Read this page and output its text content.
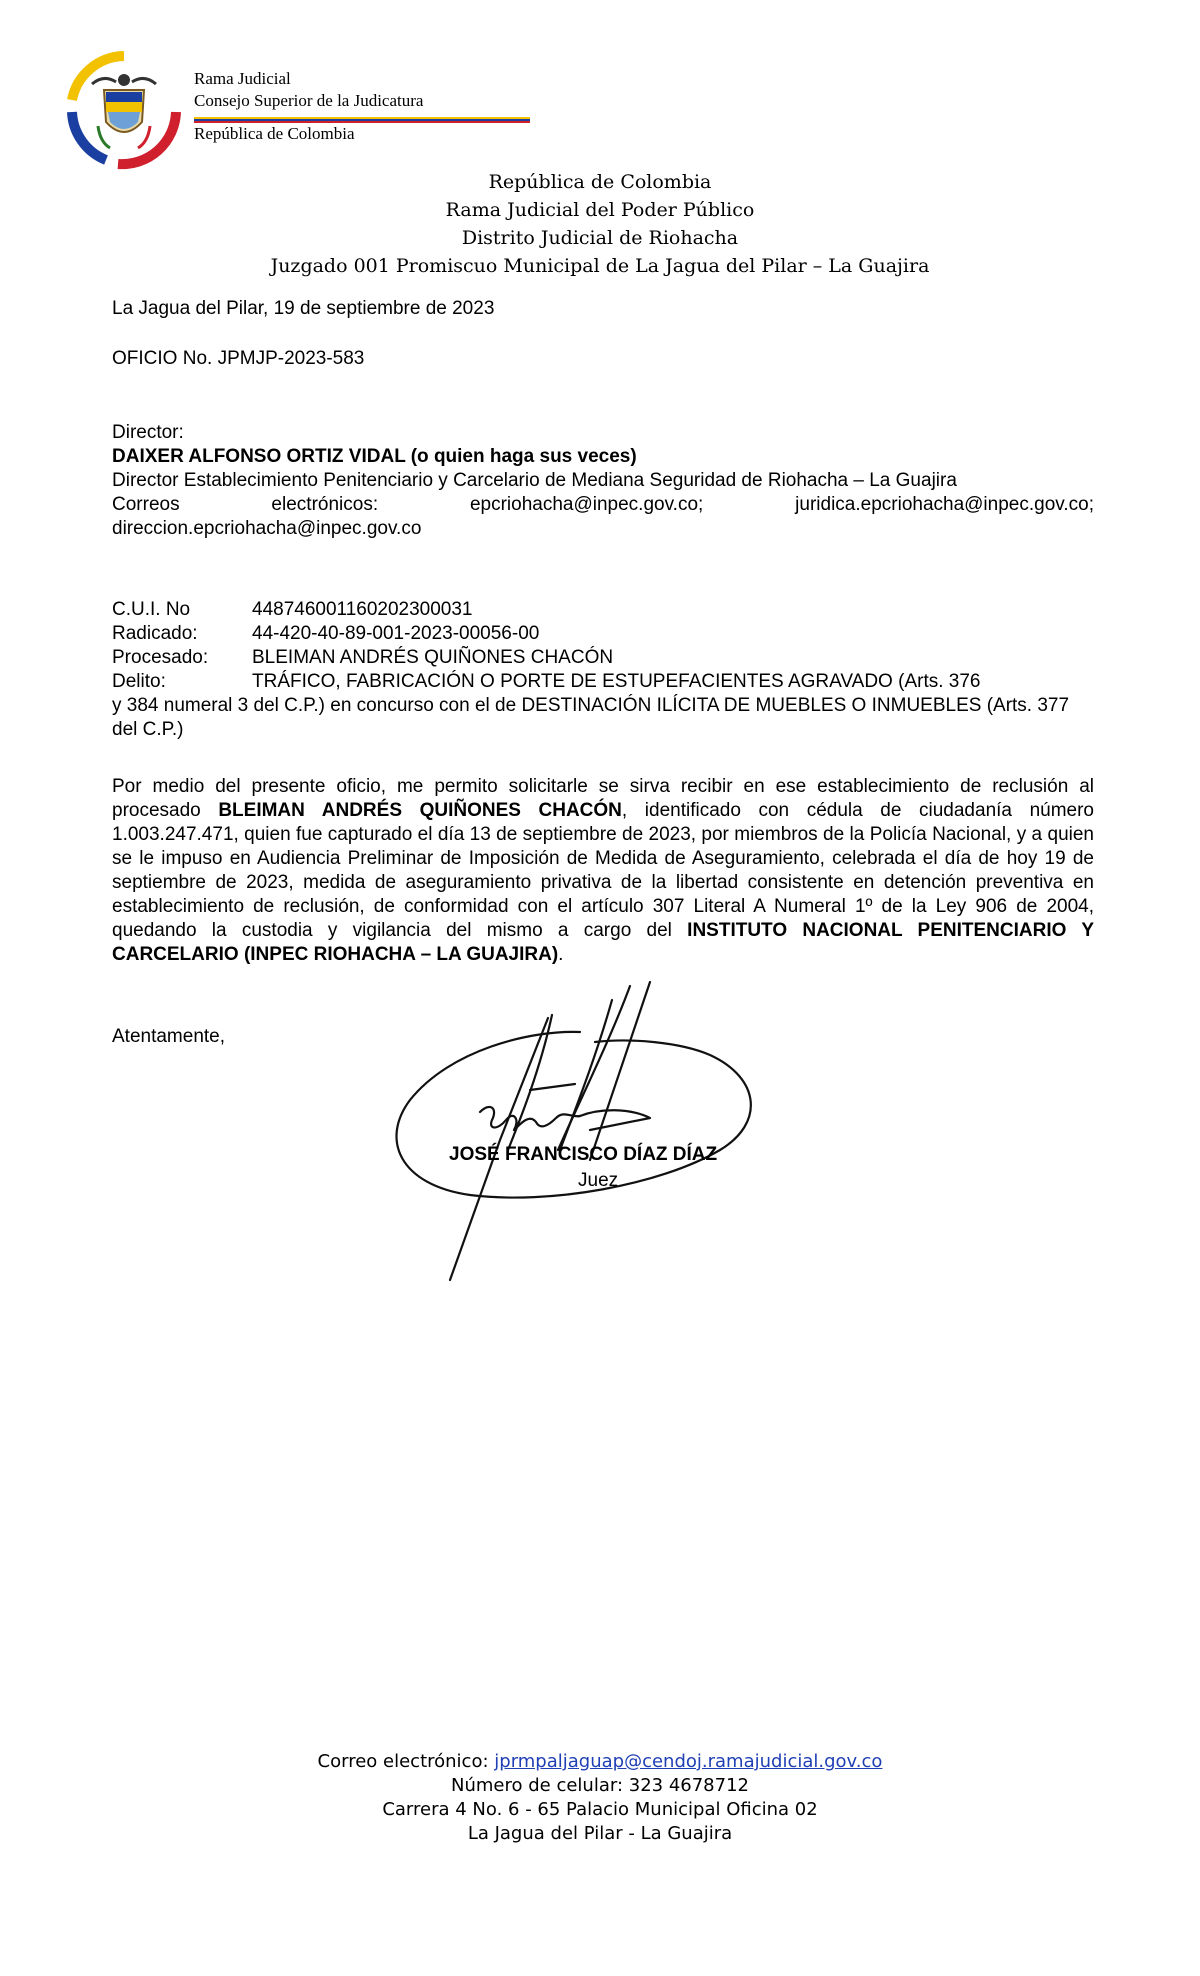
Rama Judicial
Consejo Superior de la Judicatura
República de Colombia
República de Colombia
Rama Judicial del Poder Público
Distrito Judicial de Riohacha
Juzgado 001 Promiscuo Municipal de La Jagua del Pilar – La Guajira
La Jagua del Pilar, 19 de septiembre de 2023
OFICIO No. JPMJP-2023-583
Director:
DAIXER ALFONSO ORTIZ VIDAL (o quien haga sus veces)
Director Establecimiento Penitenciario y Carcelario de Mediana Seguridad de Riohacha – La Guajira
Correos electrónicos: epcriohacha@inpec.gov.co; juridica.epcriohacha@inpec.gov.co; direccion.epcriohacha@inpec.gov.co
C.U.I. No	448746001160202300031
Radicado:	44-420-40-89-001-2023-00056-00
Procesado:	BLEIMAN ANDRÉS QUIÑONES CHACÓN
Delito:	TRÁFICO, FABRICACIÓN O PORTE DE ESTUPEFACIENTES AGRAVADO (Arts. 376
y 384 numeral 3 del C.P.) en concurso con el de DESTINACIÓN ILÍCITA DE MUEBLES O INMUEBLES (Arts. 377 del C.P.)
Por medio del presente oficio, me permito solicitarle se sirva recibir en ese establecimiento de reclusión al procesado BLEIMAN ANDRÉS QUIÑONES CHACÓN, identificado con cédula de ciudadanía número 1.003.247.471, quien fue capturado el día 13 de septiembre de 2023, por miembros de la Policía Nacional, y a quien se le impuso en Audiencia Preliminar de Imposición de Medida de Aseguramiento, celebrada el día de hoy 19 de septiembre de 2023, medida de aseguramiento privativa de la libertad consistente en detención preventiva en establecimiento de reclusión, de conformidad con el artículo 307 Literal A Numeral 1º de la Ley 906 de 2004, quedando la custodia y vigilancia del mismo a cargo del INSTITUTO NACIONAL PENITENCIARIO Y CARCELARIO (INPEC RIOHACHA – LA GUAJIRA).
Atentamente,
JOSÉ FRANCISCO DÍAZ DÍAZ
Juez
Correo electrónico: jprmpaljaguap@cendoj.ramajudicial.gov.co
Número de celular: 323 4678712
Carrera 4 No. 6 - 65 Palacio Municipal Oficina 02
La Jagua del Pilar - La Guajira
